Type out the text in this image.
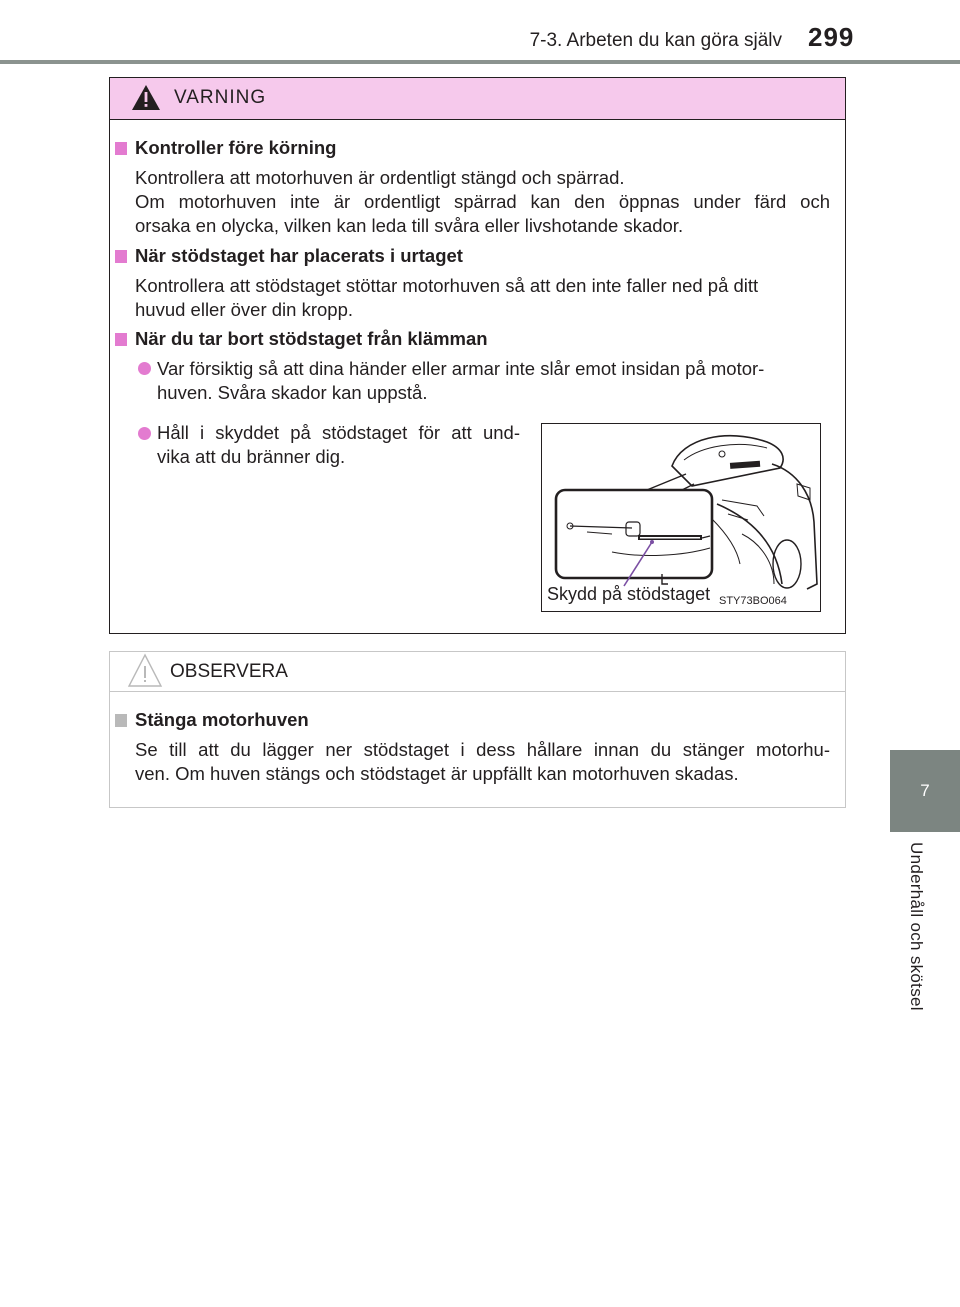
7-3. Arbeten du kan göra själv 299
7
Underhåll och skötsel
VARNING
Kontroller före körning

Kontrollera att motorhuven är ordentligt stängd och spärrad.

Om motorhuven inte är ordentligt spärrad kan den öppnas under färd och

orsaka en olycka, vilken kan leda till svåra eller livshotande skador.

När stödstaget har placerats i urtaget

Kontrollera att stödstaget stöttar motorhuven så att den inte faller ned på ditt

huvud eller över din kropp.

När du tar bort stödstaget från klämman

Var försiktig så att dina händer eller armar inte slår emot insidan på motor-

huven. Svåra skador kan uppstå.

Håll i skyddet på stödstaget för att und-

vika att du bränner dig.

Skydd på stödstaget STY73BO064
OBSERVERA
Stänga motorhuven

Se till att du lägger ner stödstaget i dess hållare innan du stänger motorhu-

ven. Om huven stängs och stödstaget är uppfällt kan motorhuven skadas.
